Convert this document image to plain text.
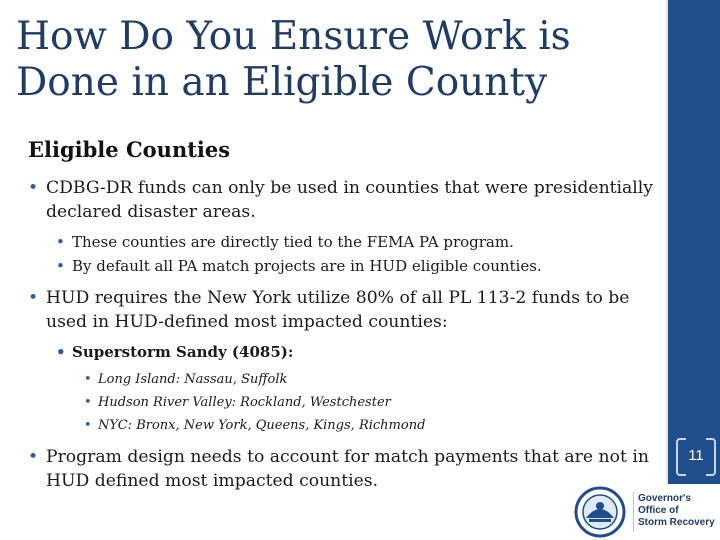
How Do You Ensure Work is
Done in an Eligible County
Eligible Counties
• CDBG-DR funds can only be used in counties that were presidentially declared disaster areas.
• These counties are directly tied to the FEMA PA program.
• By default all PA match projects are in HUD eligible counties.
• HUD requires the New York utilize 80% of all PL 113-2 funds to be used in HUD-defined most impacted counties:
• Superstorm Sandy (4085):
• Long Island: Nassau, Suffolk
• Hudson River Valley: Rockland, Westchester
• NYC: Bronx, New York, Queens, Kings, Richmond
• Program design needs to account for match payments that are not in HUD defined most impacted counties.
11
Governor's Office of
Storm Recovery
